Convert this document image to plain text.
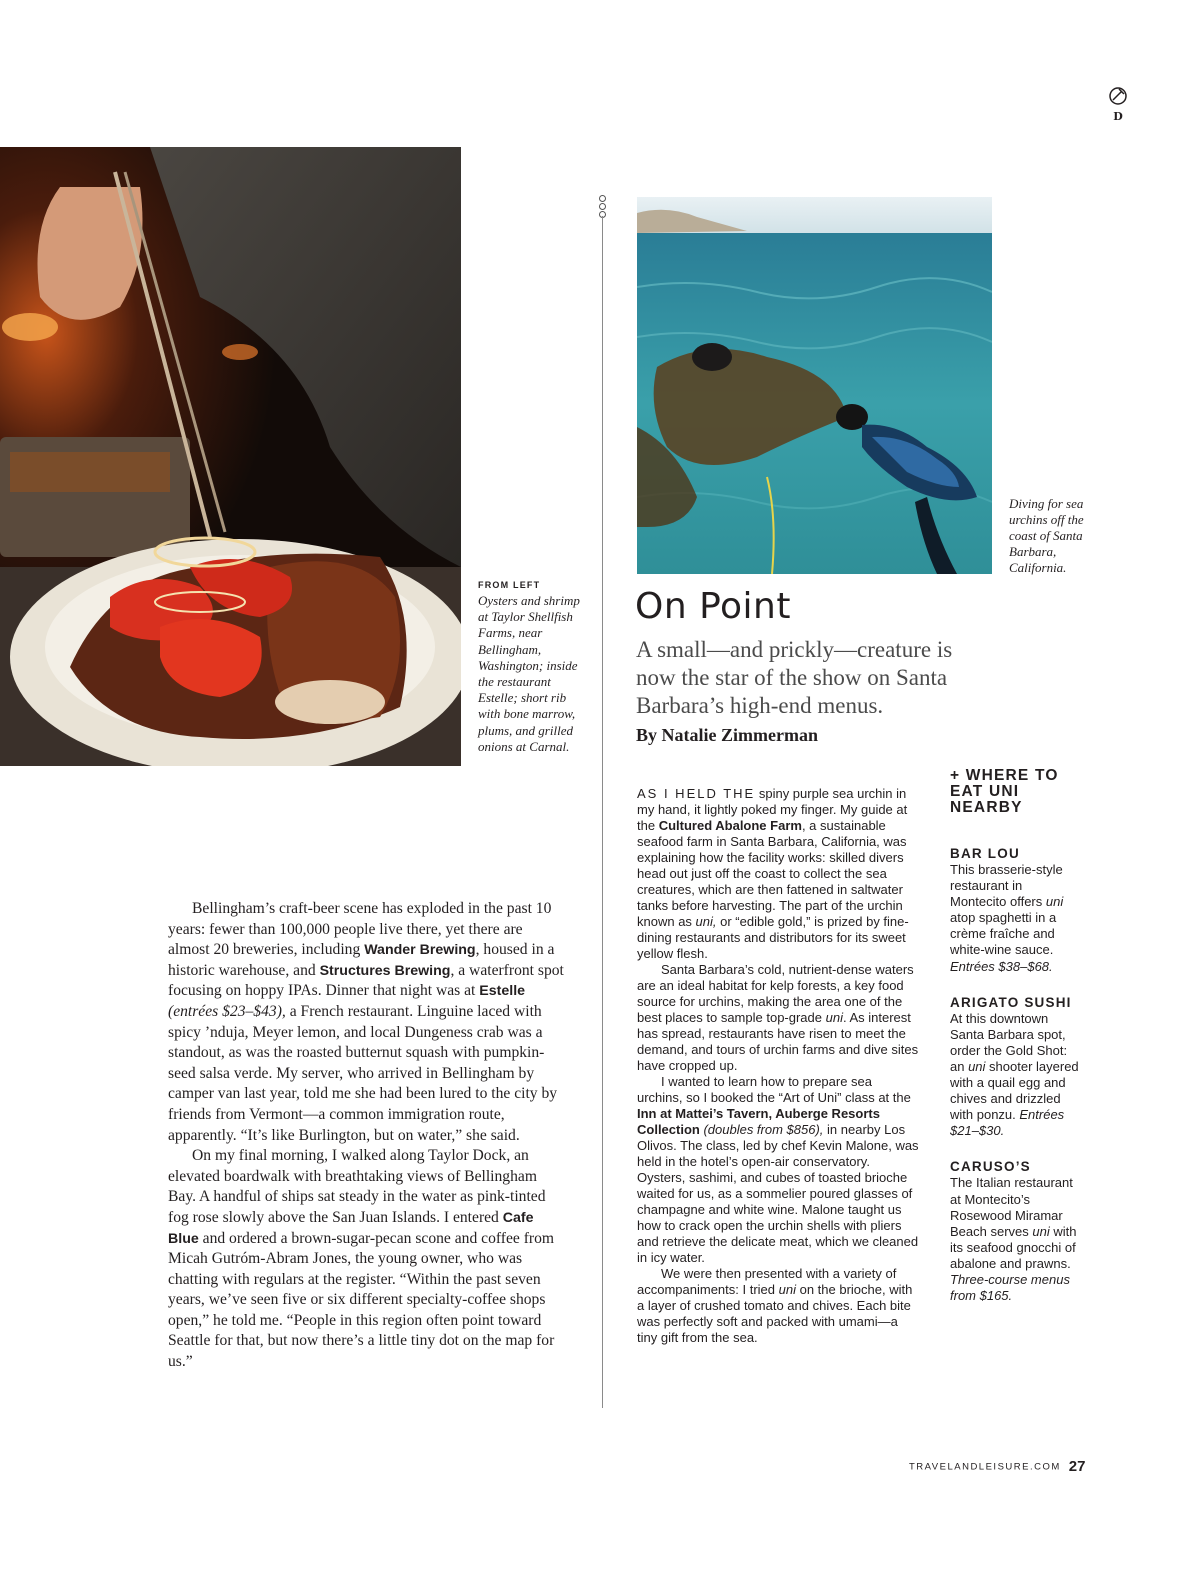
D
FROM LEFT
Oysters and shrimp at Taylor Shellfish Farms, near Bellingham, Washington; inside the restaurant Estelle; short rib with bone marrow, plums, and grilled onions at Carnal.
Diving for sea urchins off the coast of Santa Barbara, California.
On Point
A small—and prickly—creature is now the star of the show on Santa Barbara’s high-end menus.
By Natalie Zimmerman

Bellingham’s craft-beer scene has exploded in the past 10 years: fewer than 100,000 people live there, yet there are almost 20 breweries, including Wander Brewing, housed in a historic warehouse, and Structures Brewing, a waterfront spot focusing on hoppy IPAs. Dinner that night was at Estelle (entrées $23–$43), a French restaurant. Linguine laced with spicy ’nduja, Meyer lemon, and local Dungeness crab was a standout, as was the roasted butternut squash with pumpkin-seed salsa verde. My server, who arrived in Bellingham by camper van last year, told me she had been lured to the city by friends from Vermont—a common immigration route, apparently. “It’s like Burlington, but on water,” she said.

On my final morning, I walked along Taylor Dock, an elevated boardwalk with breathtaking views of Bellingham Bay. A handful of ships sat steady in the water as pink-tinted fog rose slowly above the San Juan Islands. I entered Cafe Blue and ordered a brown-sugar-pecan scone and coffee from Micah Gutróm-Abram Jones, the young owner, who was chatting with regulars at the register. “Within the past seven years, we’ve seen five or six different specialty-coffee shops open,” he told me. “People in this region often point toward Seattle for that, but now there’s a little tiny dot on the map for us.”

AS I HELD THE spiny purple sea urchin in my hand, it lightly poked my finger. My guide at the Cultured Abalone Farm, a sustainable seafood farm in Santa Barbara, California, was explaining how the facility works: skilled divers head out just off the coast to collect the sea creatures, which are then fattened in saltwater tanks before harvesting. The part of the urchin known as uni, or “edible gold,” is prized by fine-dining restaurants and distributors for its sweet yellow flesh.

Santa Barbara’s cold, nutrient-dense waters are an ideal habitat for kelp forests, a key food source for urchins, making the area one of the best places to sample top-grade uni. As interest has spread, restaurants have risen to meet the demand, and tours of urchin farms and dive sites have cropped up.

I wanted to learn how to prepare sea urchins, so I booked the “Art of Uni” class at the Inn at Mattei’s Tavern, Auberge Resorts Collection (doubles from $856), in nearby Los Olivos. The class, led by chef Kevin Malone, was held in the hotel’s open-air conservatory. Oysters, sashimi, and cubes of toasted brioche waited for us, as a sommelier poured glasses of champagne and white wine. Malone taught us how to crack open the urchin shells with pliers and retrieve the delicate meat, which we cleaned in icy water.

We were then presented with a variety of accompaniments: I tried uni on the brioche, with a layer of crushed tomato and chives. Each bite was perfectly soft and packed with umami—a tiny gift from the sea.

+ WHERE TO EAT UNI NEARBY
BAR LOU
This brasserie-style restaurant in Montecito offers uni atop spaghetti in a crème fraîche and white-wine sauce. Entrées $38–$68.
ARIGATO SUSHI
At this downtown Santa Barbara spot, order the Gold Shot: an uni shooter layered with a quail egg and chives and drizzled with ponzu. Entrées $21–$30.
CARUSO’S
The Italian restaurant at Montecito’s Rosewood Miramar Beach serves uni with its seafood gnocchi of abalone and prawns. Three-course menus from $165.
TRAVELANDLEISURE.COM 27
